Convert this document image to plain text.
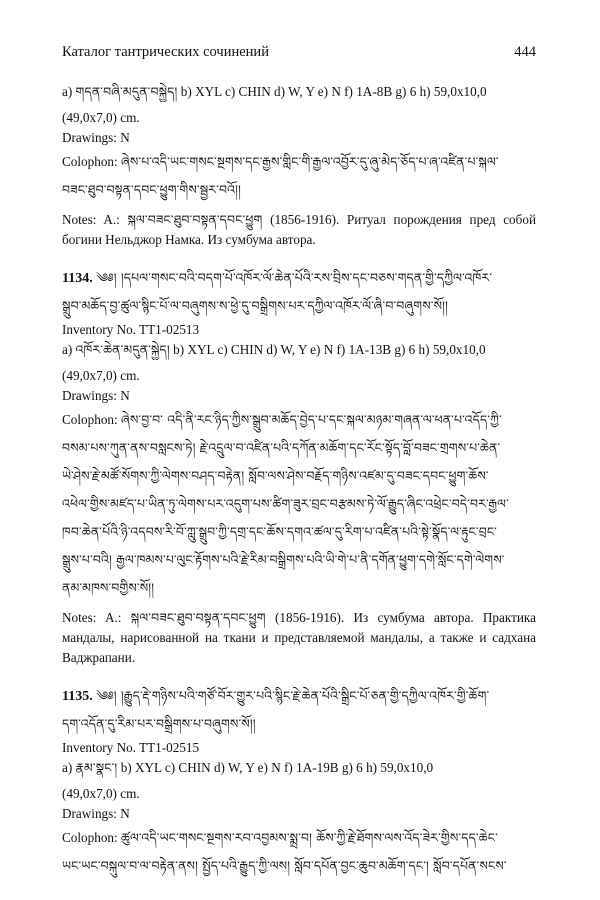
Каталог тантрических сочинений	444
a) གདན་བཞི་མདུན་བསྐྱེད། b) XYL c) CHIN d) W, Y e) N f) 1A-8B g) 6 h) 59,0x10,0
(49,0x7,0) cm.
Drawings: N
Colophon: ཞེས་པ་འདི་ཡང་གསང་སྔགས་དང་རྒྱས་གླིང་གི་རྒྱལ་འབྱོར་དུ་ཞུ་མེད་ཅོད་པ་ཞ་འཛིན་པ་སྐལ་
བཟང་ཐུབ་བསྟན་དབང་ཕྱུག་གིས་སྦྱར་བའོ།།
Notes: A.: སྐལ་བཟང་ཐུབ་བསྟན་དབང་ཕྱུག (1856-1916). Ритуал порождения пред собой богини Нельджор Намка. Из сумбума автора.
1134. ༄༅། །དཔལ་གསང་བའི་བདག་པོ་འཁོར་ལོ་ཆེན་པོའི་རས་བྲིས་དང་བཅས་གདན་གྱི་དཀྱིལ་འཁོར་
སྒྲུབ་མཆོད་བྱ་ཚུལ་སྙིང་པོ་ལ་བཞུགས་ས་ཕྱེ་དུ་བསྒྲིགས་པར་དཀྱིལ་འཁོར་ལོ་ཞི་བ་བཞུགས་སོ།།
Inventory No. TT1-02513
a) འཁོར་ཆེན་མདུན་སྐྱེད། b) XYL c) CHIN d) W, Y e) N f) 1A-13B g) 6 h) 59,0x10,0
(49,0x7,0) cm.
Drawings: N
Colophon: ཞེས་བྱ་བ་ འདི་ནི་རང་ཉིད་ཀྱིས་སྒྲུབ་མཆོད་བྱེད་པ་དང་སྐལ་མཉམ་གཞན་ལ་ཕན་པ་འདོད་ཀྱི་
བསམ་པས་ཀུན་ནས་བསླངས་ཏེ། རྗེ་འདྲུལ་བ་འཛིན་པའི་དཀོན་མཆོག་དང་རོང་སྟོད་བློ་བཟང་གྲགས་པ་ཆེན་
ཡེ་ཤེས་རྗེ་མཚོ་སོགས་ཀྱི་ལེགས་བཤད་བརྟེན། སློབ་ལས་ཤེས་བརྗོད་གཉིས་འཛམ་དུ་བཟང་དབང་ཕྱུག་ཆོས་
འཕེལ་གྱིས་མཛད་པ་ཡིན་ཏུ་ལེགས་པར་འདུག་པས་ཚིག་ཟུར་བྲང་བརྩམས་ཏེ་ལོ་རྒྱུད་ཞིང་འཕྲེང་བདེ་བར་རྒྱལ་
ཁབ་ཆེན་པོའི་ཉི་འདབས་རི་བོ་ཀླུ་སྒྲུབ་ཀྱི་དགྲ་དང་ཆོས་དགའ་ཚལ་དུ་རིག་པ་འཛིན་པའི་སྟེ་སྣོད་ལ་རྟུང་བྲང་
སྒྲུས་པ་བའི། རྒྱལ་ཁམས་པ་ལུང་རྟོགས་པའི་རྗེ་རིམ་བསྒྲིགས་པའི་ཡི་གེ་པ་ནི་དགོན་ཕྱུག་དགེ་སློང་དགེ་ལེགས་
ནམ་མཁས་བགྱིས་སོ།།
Notes: A.: སྐལ་བཟང་ཐུབ་བསྟན་དབང་ཕྱུག (1856-1916). Из сумбума автора. Практика мандалы, нарисованной на ткани и представляемой мандалы, а также и садхана Ваджрапани.
1135. ༄༅། །རྒྱུད་རྡེ་གཉིས་པའི་གཙོ་བོར་གྱུར་པའི་སྙིང་རྗེ་ཆེན་པོའི་སྒྲིང་པོ་ཅན་གྱི་དཀྱིལ་འཁོར་གྱི་ཆོག་
དག་འདོན་དུ་རིམ་པར་བསྒྲིགས་པ་བཞུགས་སོ།།
Inventory No. TT1-02515
a) རྣམ་སྣང་། b) XYL c) CHIN d) W, Y e) N f) 1A-19B g) 6 h) 59,0x10,0
(49,0x7,0) cm.
Drawings: N
Colophon: ཚུལ་འདི་ཡང་གསང་སྔགས་རབ་འབྱམས་སྨྲ་བ། ཆོས་ཀྱི་རྗེ་ཐོགས་ལས་འོད་ཟེར་གྱིས་དད་ཆེང་
ཡང་ཡང་བསྐུལ་བ་ལ་བརྟེན་ནས། སྤྱོད་པའི་རྒྱུད་ཀྱི་ལས། སློབ་དཔོན་བྱང་ཆུབ་མཆོག་དང་། སློབ་དཔོན་སངས་
